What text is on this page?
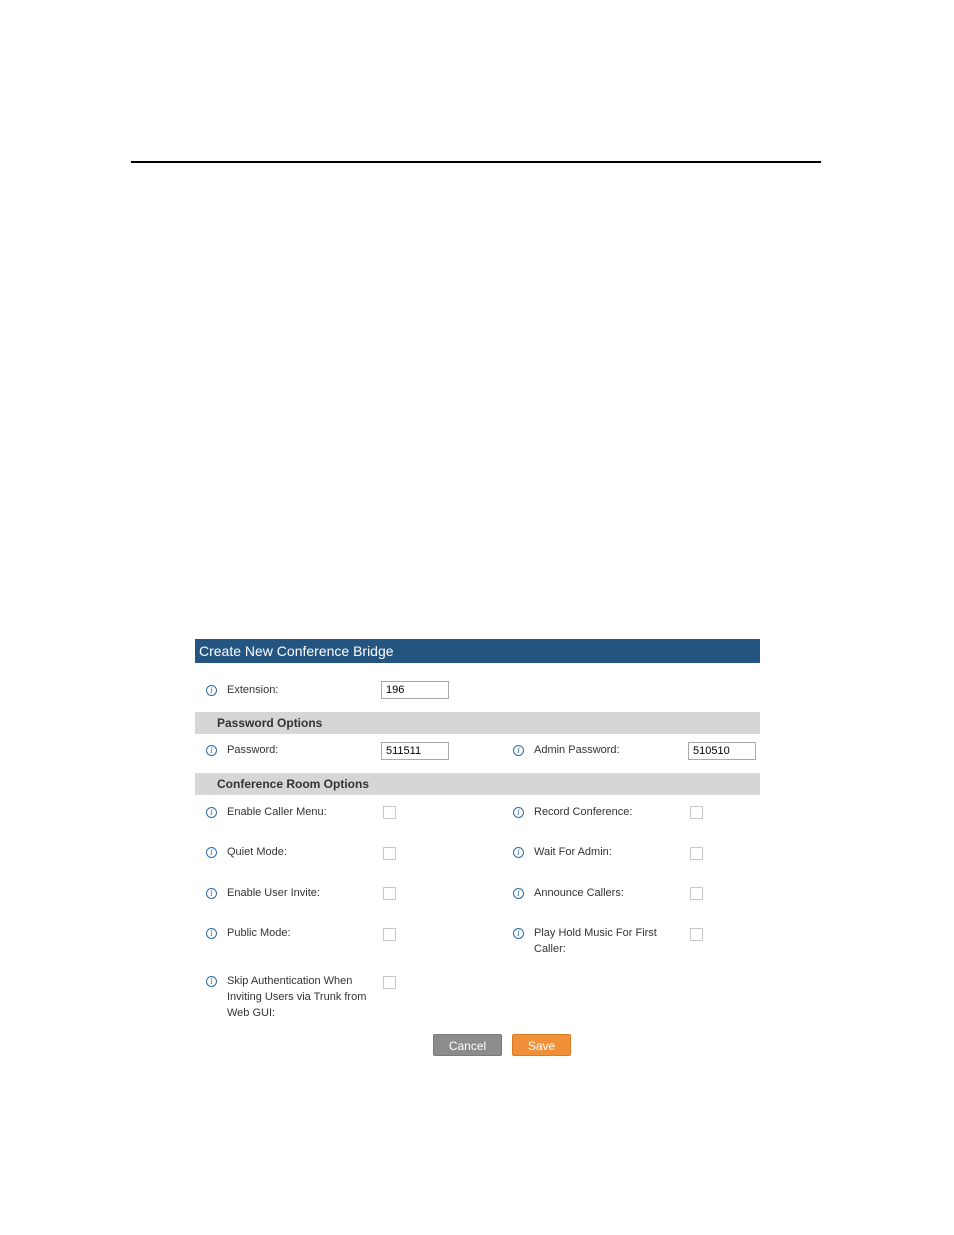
Create New Conference Bridge
i	Extension:
196
Password Options
i	Password:
511511	i	Admin Password:
510510
Conference Room Options
i	Enable Caller Menu:	i	Record Conference:
i	Quiet Mode:	i	Wait For Admin:
i	Enable User Invite:	i	Announce Callers:
i	Public Mode:	i	Play Hold Music For First Caller:
i	Skip Authentication When Inviting Users via Trunk from Web GUI:
Cancel	Save
